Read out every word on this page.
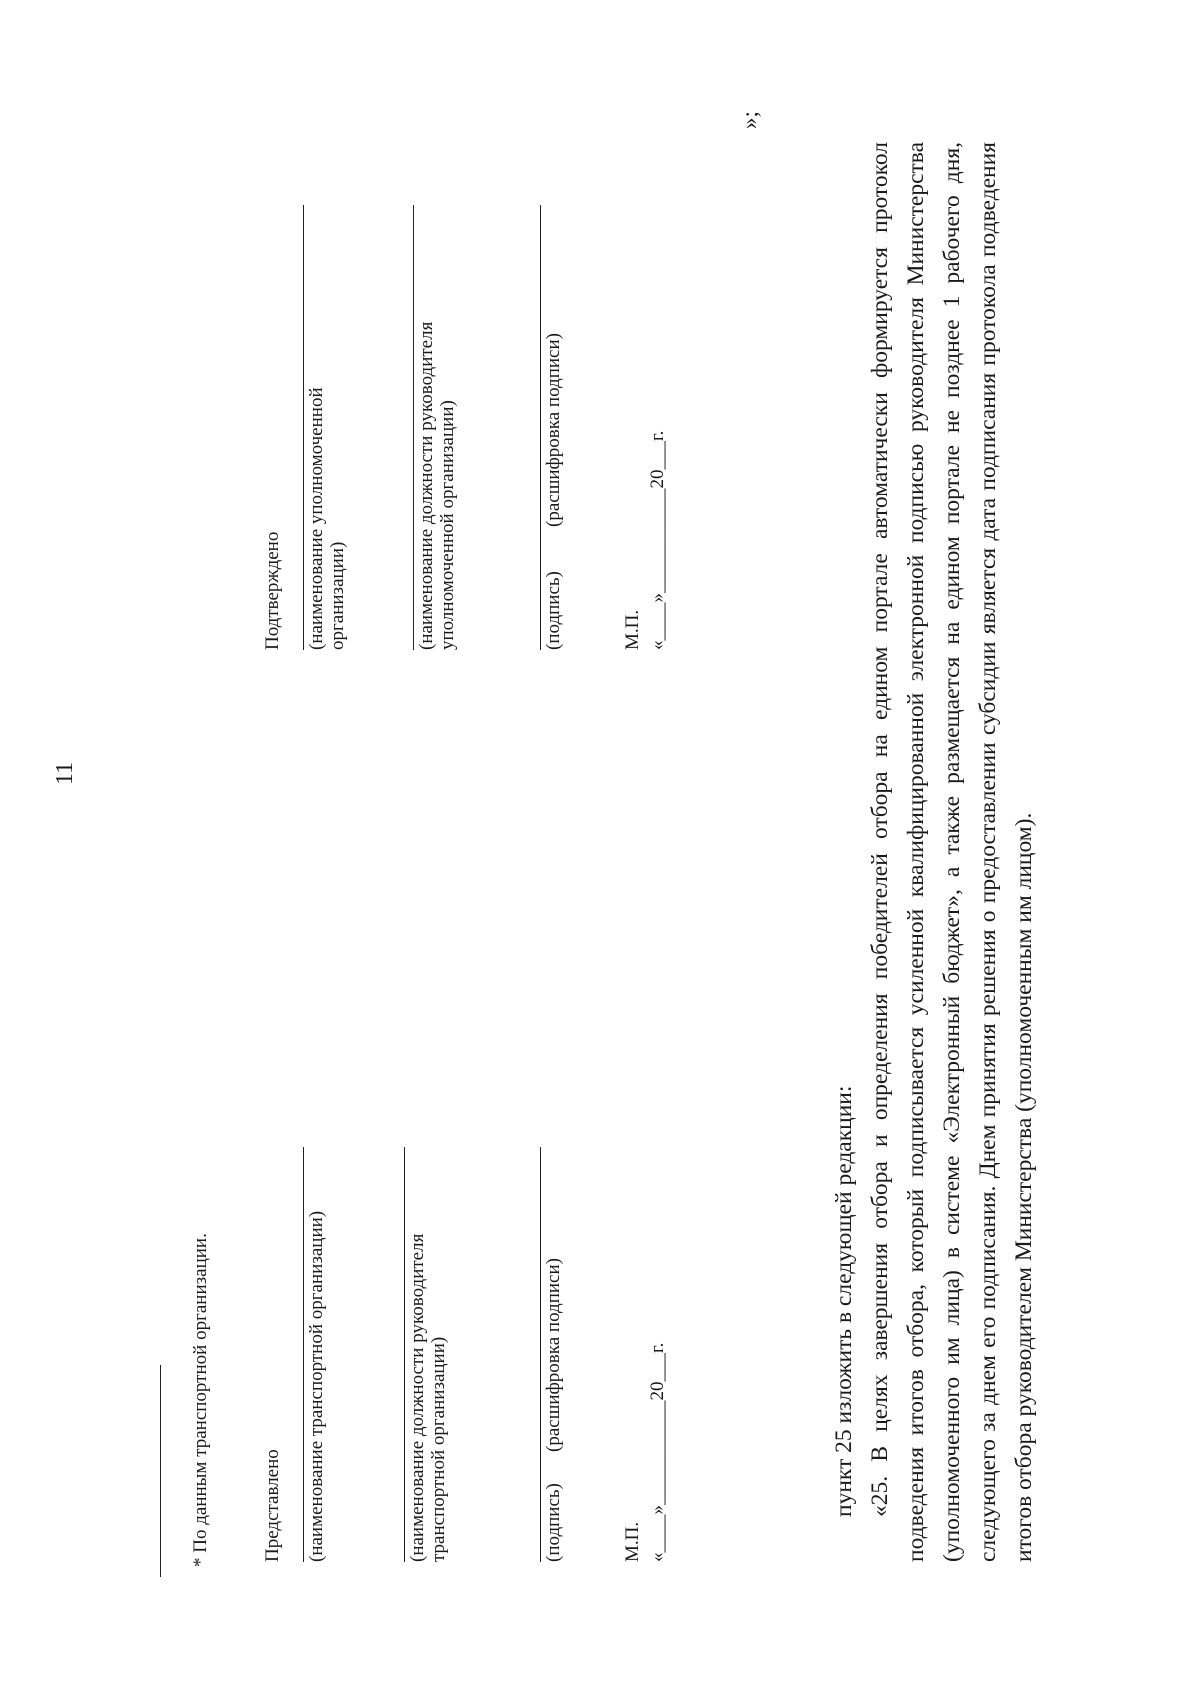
11
* По данным транспортной организации.	Представлено (наименование транспортной организации)	(наименование должности руководителя транспортной организации)	(подпись)
(расшифровка подписи)
М.П. «____»___________20___г.
Подтверждено (наименование уполномоченной организации)	(наименование должности руководителя уполномоченной организации)	(подпись)
(расшифровка подписи)
М.П. «____»___________20___г.
»;

пункт 25 изложить в следующей редакции: «25. В целях завершения отбора и определения победителей отбора на едином портале автоматически формируется протокол подведения итогов отбора, который подписывается усиленной квалифицированной электронной подписью руководителя Министерства (уполномоченного им лица) в системе «Электронный бюджет», а также размещается на едином портале не позднее 1 рабочего дня, следующего за днем его подписания. Днем принятия решения о предоставлении субсидии является дата подписания протокола подведения итогов отбора руководителем Министерства (уполномоченным им лицом).
